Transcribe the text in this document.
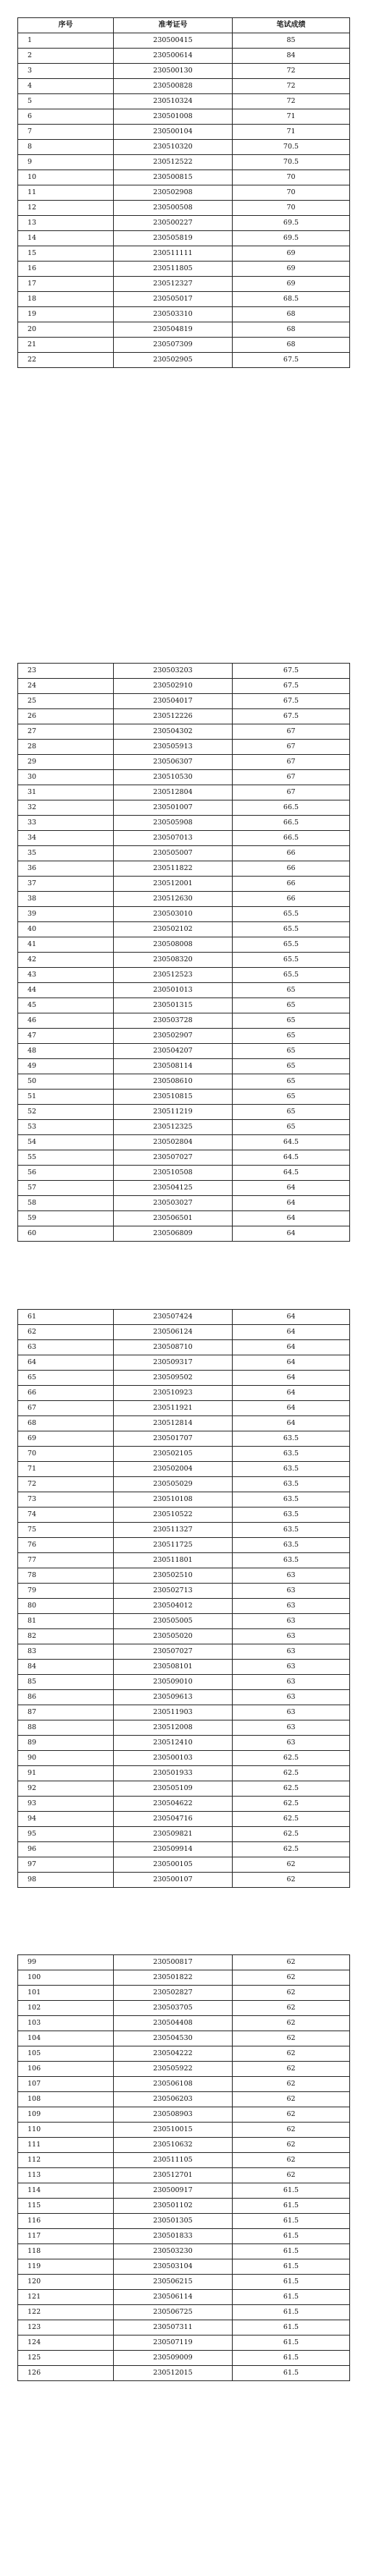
序号	准考证号	笔试成绩
1	230500415	85
2	230500614	84
3	230500130	72
4	230500828	72
5	230510324	72
6	230501008	71
7	230500104	71
8	230510320	70.5
9	230512522	70.5
10	230500815	70
11	230502908	70
12	230500508	70
13	230500227	69.5
14	230505819	69.5
15	230511111	69
16	230511805	69
17	230512327	69
18	230505017	68.5
19	230503310	68
20	230504819	68
21	230507309	68
22	230502905	67.5
23	230503203	67.5
24	230502910	67.5
25	230504017	67.5
26	230512226	67.5
27	230504302	67
28	230505913	67
29	230506307	67
30	230510530	67
31	230512804	67
32	230501007	66.5
33	230505908	66.5
34	230507013	66.5
35	230505007	66
36	230511822	66
37	230512001	66
38	230512630	66
39	230503010	65.5
40	230502102	65.5
41	230508008	65.5
42	230508320	65.5
43	230512523	65.5
44	230501013	65
45	230501315	65
46	230503728	65
47	230502907	65
48	230504207	65
49	230508114	65
50	230508610	65
51	230510815	65
52	230511219	65
53	230512325	65
54	230502804	64.5
55	230507027	64.5
56	230510508	64.5
57	230504125	64
58	230503027	64
59	230506501	64
60	230506809	64
61	230507424	64
62	230506124	64
63	230508710	64
64	230509317	64
65	230509502	64
66	230510923	64
67	230511921	64
68	230512814	64
69	230501707	63.5
70	230502105	63.5
71	230502004	63.5
72	230505029	63.5
73	230510108	63.5
74	230510522	63.5
75	230511327	63.5
76	230511725	63.5
77	230511801	63.5
78	230502510	63
79	230502713	63
80	230504012	63
81	230505005	63
82	230505020	63
83	230507027	63
84	230508101	63
85	230509010	63
86	230509613	63
87	230511903	63
88	230512008	63
89	230512410	63
90	230500103	62.5
91	230501933	62.5
92	230505109	62.5
93	230504622	62.5
94	230504716	62.5
95	230509821	62.5
96	230509914	62.5
97	230500105	62
98	230500107	62
99	230500817	62
100	230501822	62
101	230502827	62
102	230503705	62
103	230504408	62
104	230504530	62
105	230504222	62
106	230505922	62
107	230506108	62
108	230506203	62
109	230508903	62
110	230510015	62
111	230510632	62
112	230511105	62
113	230512701	62
114	230500917	61.5
115	230501102	61.5
116	230501305	61.5
117	230501833	61.5
118	230503230	61.5
119	230503104	61.5
120	230506215	61.5
121	230506114	61.5
122	230506725	61.5
123	230507311	61.5
124	230507119	61.5
125	230509009	61.5
126	230512015	61.5
